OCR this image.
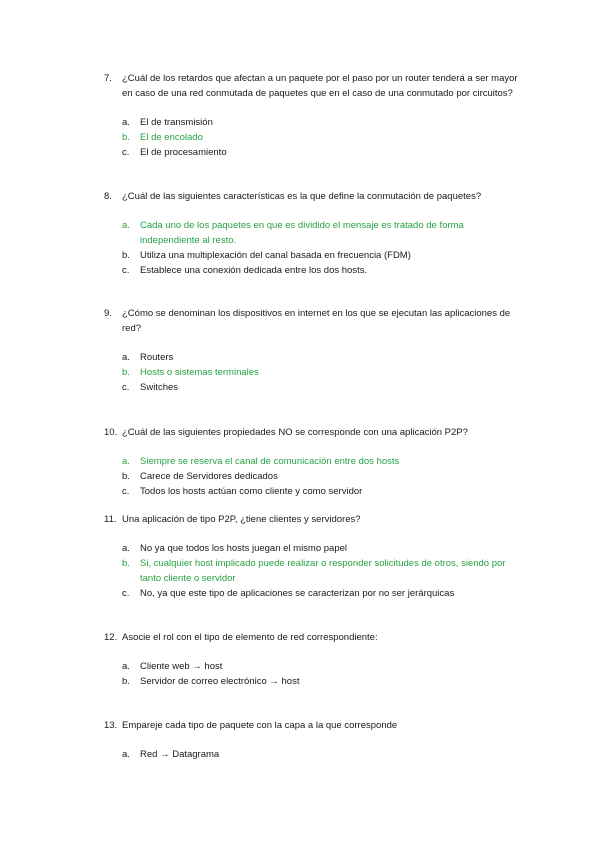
7.	¿Cuál de los retardos que afectan a un paquete por el paso por un router tenderá a ser mayor en caso de una red conmutada de paquetes que en el caso de una conmutado por circuitos?
a.	El de transmisión
b.	El de encolado
c.	El de procesamiento
8.	¿Cuál de las siguientes características es la que define la conmutación de paquetes?
a.	Cada uno de los paquetes en que es dividido el mensaje es tratado de forma independiente al resto.
b.	Utiliza una multiplexación del canal basada en frecuencia (FDM)
c.	Establece una conexión dedicada entre los dos hosts.
9.	¿Cómo se denominan los dispositivos en internet en los que se ejecutan las aplicaciones de red?
a.	Routers
b.	Hosts o sistemas terminales
c.	Switches
10. ¿Cuál de las siguientes propiedades NO se corresponde con una aplicación P2P?
a.	Siempre se reserva el canal de comunicación entre dos hosts
b.	Carece de Servidores dedicados
c.	Todos los hosts actúan como cliente y como servidor
11. Una aplicación de tipo P2P, ¿tiene clientes y servidores?
a.	No ya que todos los hosts juegan el mismo papel
b.	Si, cualquier host implicado puede realizar o responder solicitudes de otros, siendo por tanto cliente o servidor
c.	No, ya que este tipo de aplicaciones se caracterizan por no ser jerárquicas
12. Asocie el rol con el tipo de elemento de red correspondiente:
a.	Cliente web → host
b.	Servidor de correo electrónico → host
13. Empareje cada tipo de paquete con la capa a la que corresponde
a.	Red → Datagrama
